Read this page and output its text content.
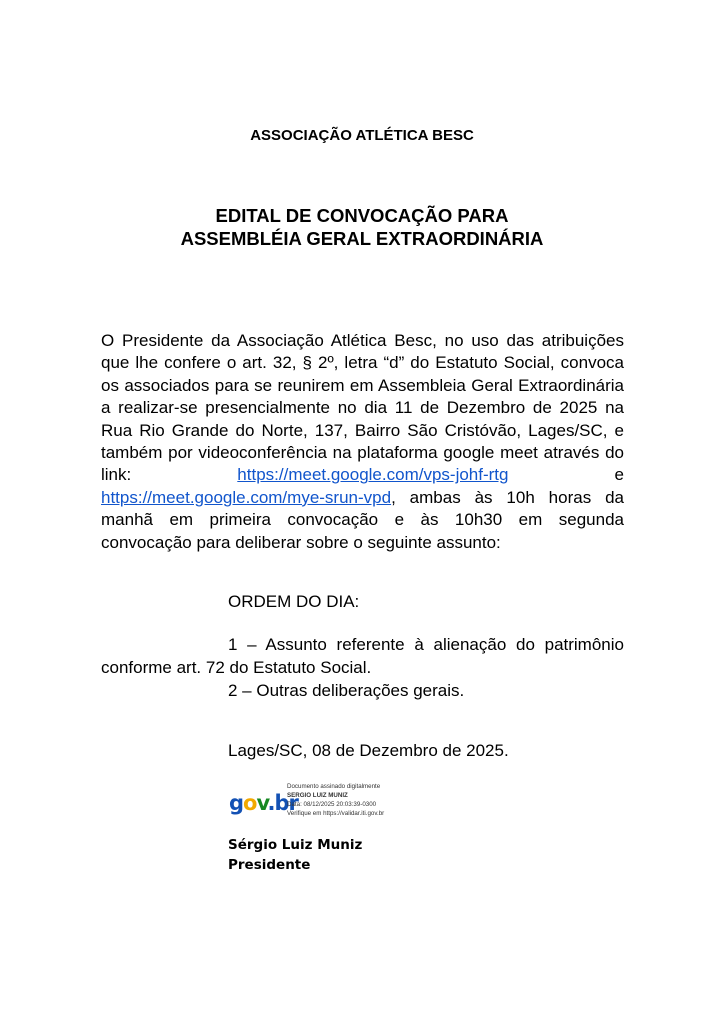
ASSOCIAÇÃO ATLÉTICA BESC
EDITAL DE CONVOCAÇÃO PARA
ASSEMBLÉIA GERAL EXTRAORDINÁRIA
O Presidente da Associação Atlética Besc, no uso das atribuições que lhe confere o art. 32, § 2º, letra “d” do Estatuto Social, convoca os associados para se reunirem em Assembleia Geral Extraordinária a realizar-se presencialmente no dia 11 de Dezembro de 2025 na Rua Rio Grande do Norte, 137, Bairro São Cristóvão, Lages/SC, e também por videoconferência na plataforma google meet através do link: https://meet.google.com/vps-johf-rtg e https://meet.google.com/mye-srun-vpd, ambas às 10h horas da manhã em primeira convocação e às 10h30 em segunda convocação para deliberar sobre o seguinte assunto:
ORDEM DO DIA:

1 – Assunto referente à alienação do patrimônio conforme art. 72 do Estatuto Social.

2 – Outras deliberações gerais.

Lages/SC, 08 de Dezembro de 2025.
gov.br
Documento assinado digitalmente
SERGIO LUIZ MUNIZ
Data: 08/12/2025 20:03:39-0300
Verifique em https://validar.iti.gov.br
Sérgio Luiz Muniz
Presidente
